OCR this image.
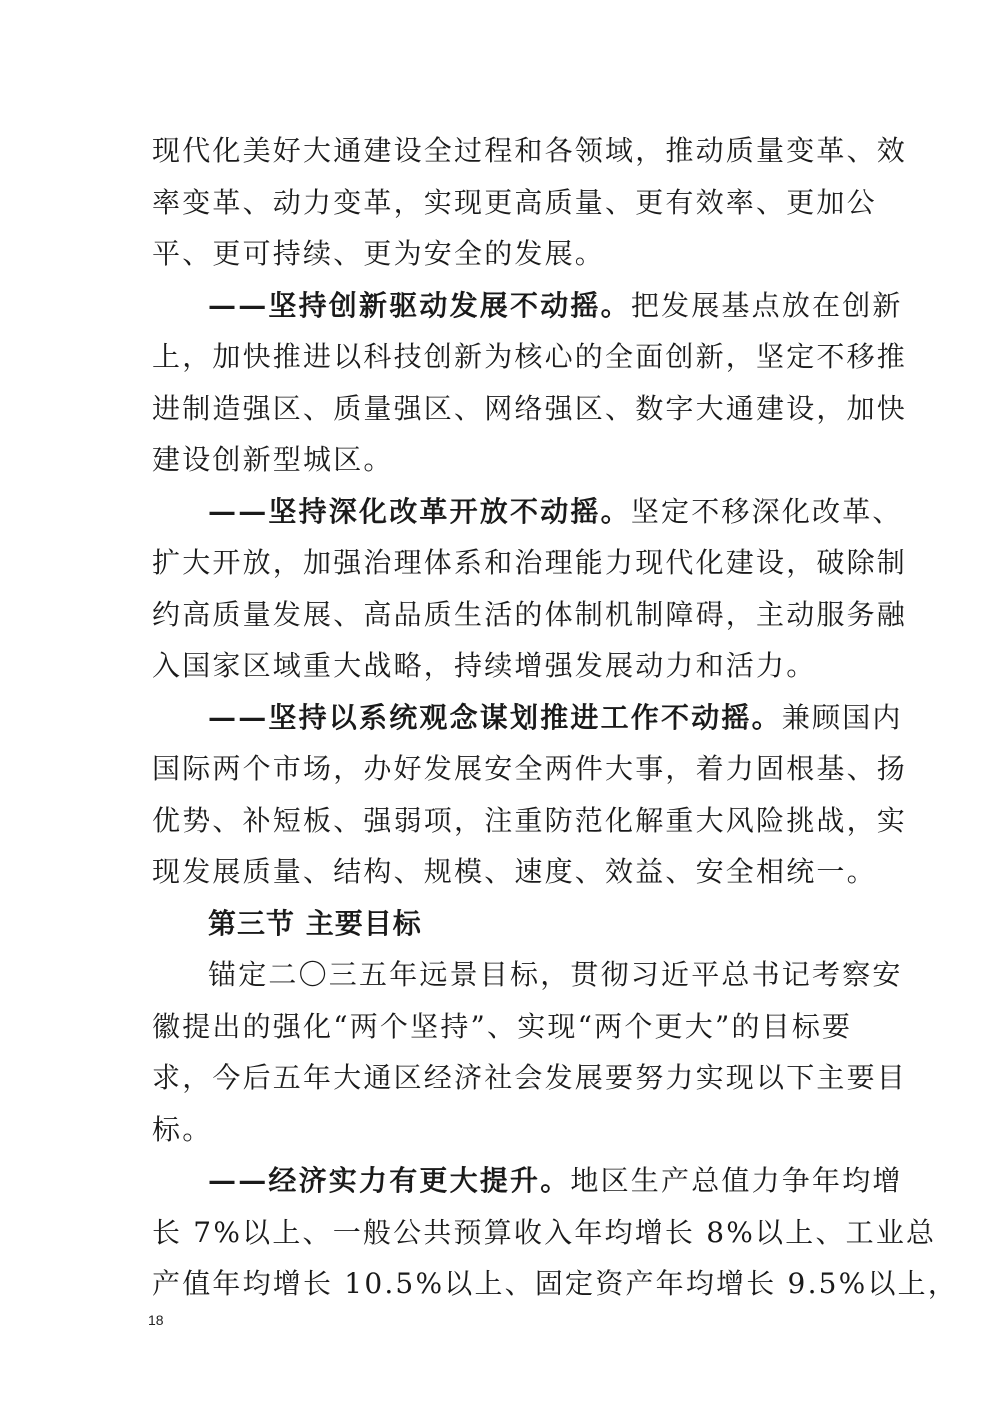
现代化美好大通建设全过程和各领域，推动质量变革、效
率变革、动力变革，实现更高质量、更有效率、更加公
平、更可持续、更为安全的发展。
——坚持创新驱动发展不动摇。把发展基点放在创新
上，加快推进以科技创新为核心的全面创新，坚定不移推
进制造强区、质量强区、网络强区、数字大通建设，加快
建设创新型城区。
——坚持深化改革开放不动摇。坚定不移深化改革、
扩大开放，加强治理体系和治理能力现代化建设，破除制
约高质量发展、高品质生活的体制机制障碍，主动服务融
入国家区域重大战略，持续增强发展动力和活力。
——坚持以系统观念谋划推进工作不动摇。兼顾国内
国际两个市场，办好发展安全两件大事，着力固根基、扬
优势、补短板、强弱项，注重防范化解重大风险挑战，实
现发展质量、结构、规模、速度、效益、安全相统一。
第三节 主要目标
锚定二〇三五年远景目标，贯彻习近平总书记考察安
徽提出的强化“两个坚持”、实现“两个更大”的目标要
求，今后五年大通区经济社会发展要努力实现以下主要目
标。
——经济实力有更大提升。地区生产总值力争年均增
长 7%以上、一般公共预算收入年均增长 8%以上、工业总
产值年均增长 10.5%以上、固定资产年均增长 9.5%以上，
18
